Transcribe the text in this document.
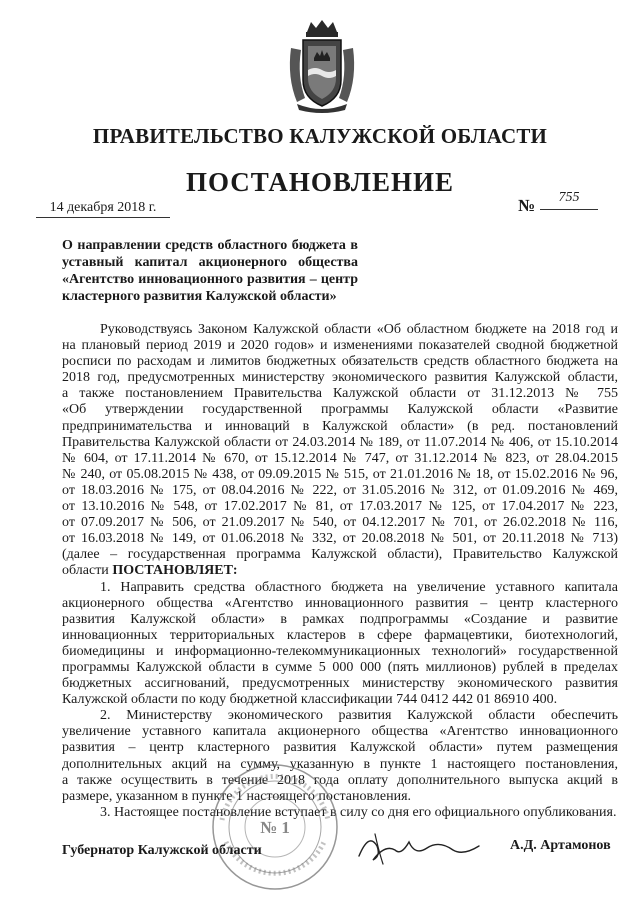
ПРАВИТЕЛЬСТВО КАЛУЖСКОЙ ОБЛАСТИ
ПОСТАНОВЛЕНИЕ
14 декабря 2018 г.	№	755
О направлении средств областного бюджета в
уставный капитал акционерного общества
«Агентство инновационного развития – центр
кластерного развития Калужской области»
Руководствуясь Законом Калужской области «Об областном бюджете на 2018 год и
на плановый период 2019 и 2020 годов» и изменениями показателей сводной бюджетной
росписи по расходам и лимитов бюджетных обязательств средств областного бюджета на
2018 год, предусмотренных министерству экономического развития Калужской области,
а также постановлением Правительства Калужской области от 31.12.2013 № 755
«Об утверждении государственной программы Калужской области «Развитие
предпринимательства и инноваций в Калужской области» (в ред. постановлений
Правительства Калужской области от 24.03.2014 № 189, от 11.07.2014 № 406, от 15.10.2014
№ 604, от 17.11.2014 № 670, от 15.12.2014 № 747, от 31.12.2014 № 823, от 28.04.2015
№ 240, от 05.08.2015 № 438, от 09.09.2015 № 515, от 21.01.2016 № 18, от 15.02.2016 № 96,
от 18.03.2016 № 175, от 08.04.2016 № 222, от 31.05.2016 № 312, от 01.09.2016 № 469,
от 13.10.2016 № 548, от 17.02.2017 № 81, от 17.03.2017 № 125, от 17.04.2017 № 223,
от 07.09.2017 № 506, от 21.09.2017 № 540, от 04.12.2017 № 701, от 26.02.2018 № 116,
от 16.03.2018 № 149, от 01.06.2018 № 332, от 20.08.2018 № 501, от 20.11.2018 № 713)
(далее – государственная программа Калужской области), Правительство Калужской
области ПОСТАНОВЛЯЕТ:
1. Направить средства областного бюджета на увеличение уставного капитала
акционерного общества «Агентство инновационного развития – центр кластерного
развития Калужской области» в рамках подпрограммы «Создание и развитие
инновационных территориальных кластеров в сфере фармацевтики, биотехнологий,
биомедицины и информационно-телекоммуникационных технологий» государственной
программы Калужской области в сумме 5 000 000 (пять миллионов) рублей в пределах
бюджетных ассигнований, предусмотренных министерству экономического развития
Калужской области по коду бюджетной классификации 744 0412 442 01 86910 400.
2. Министерству экономического развития Калужской области обеспечить
увеличение уставного капитала акционерного общества «Агентство инновационного
развития – центр кластерного развития Калужской области» путем размещения
дополнительных акций на сумму, указанную в пункте 1 настоящего постановления,
а также осуществить в течение 2018 года оплату дополнительного выпуска акций в
размере, указанном в пункте 1 настоящего постановления.
3. Настоящее постановление вступает в силу со дня его официального опубликования.
№ 1
Губернатор Калужской области	А.Д. Артамонов
